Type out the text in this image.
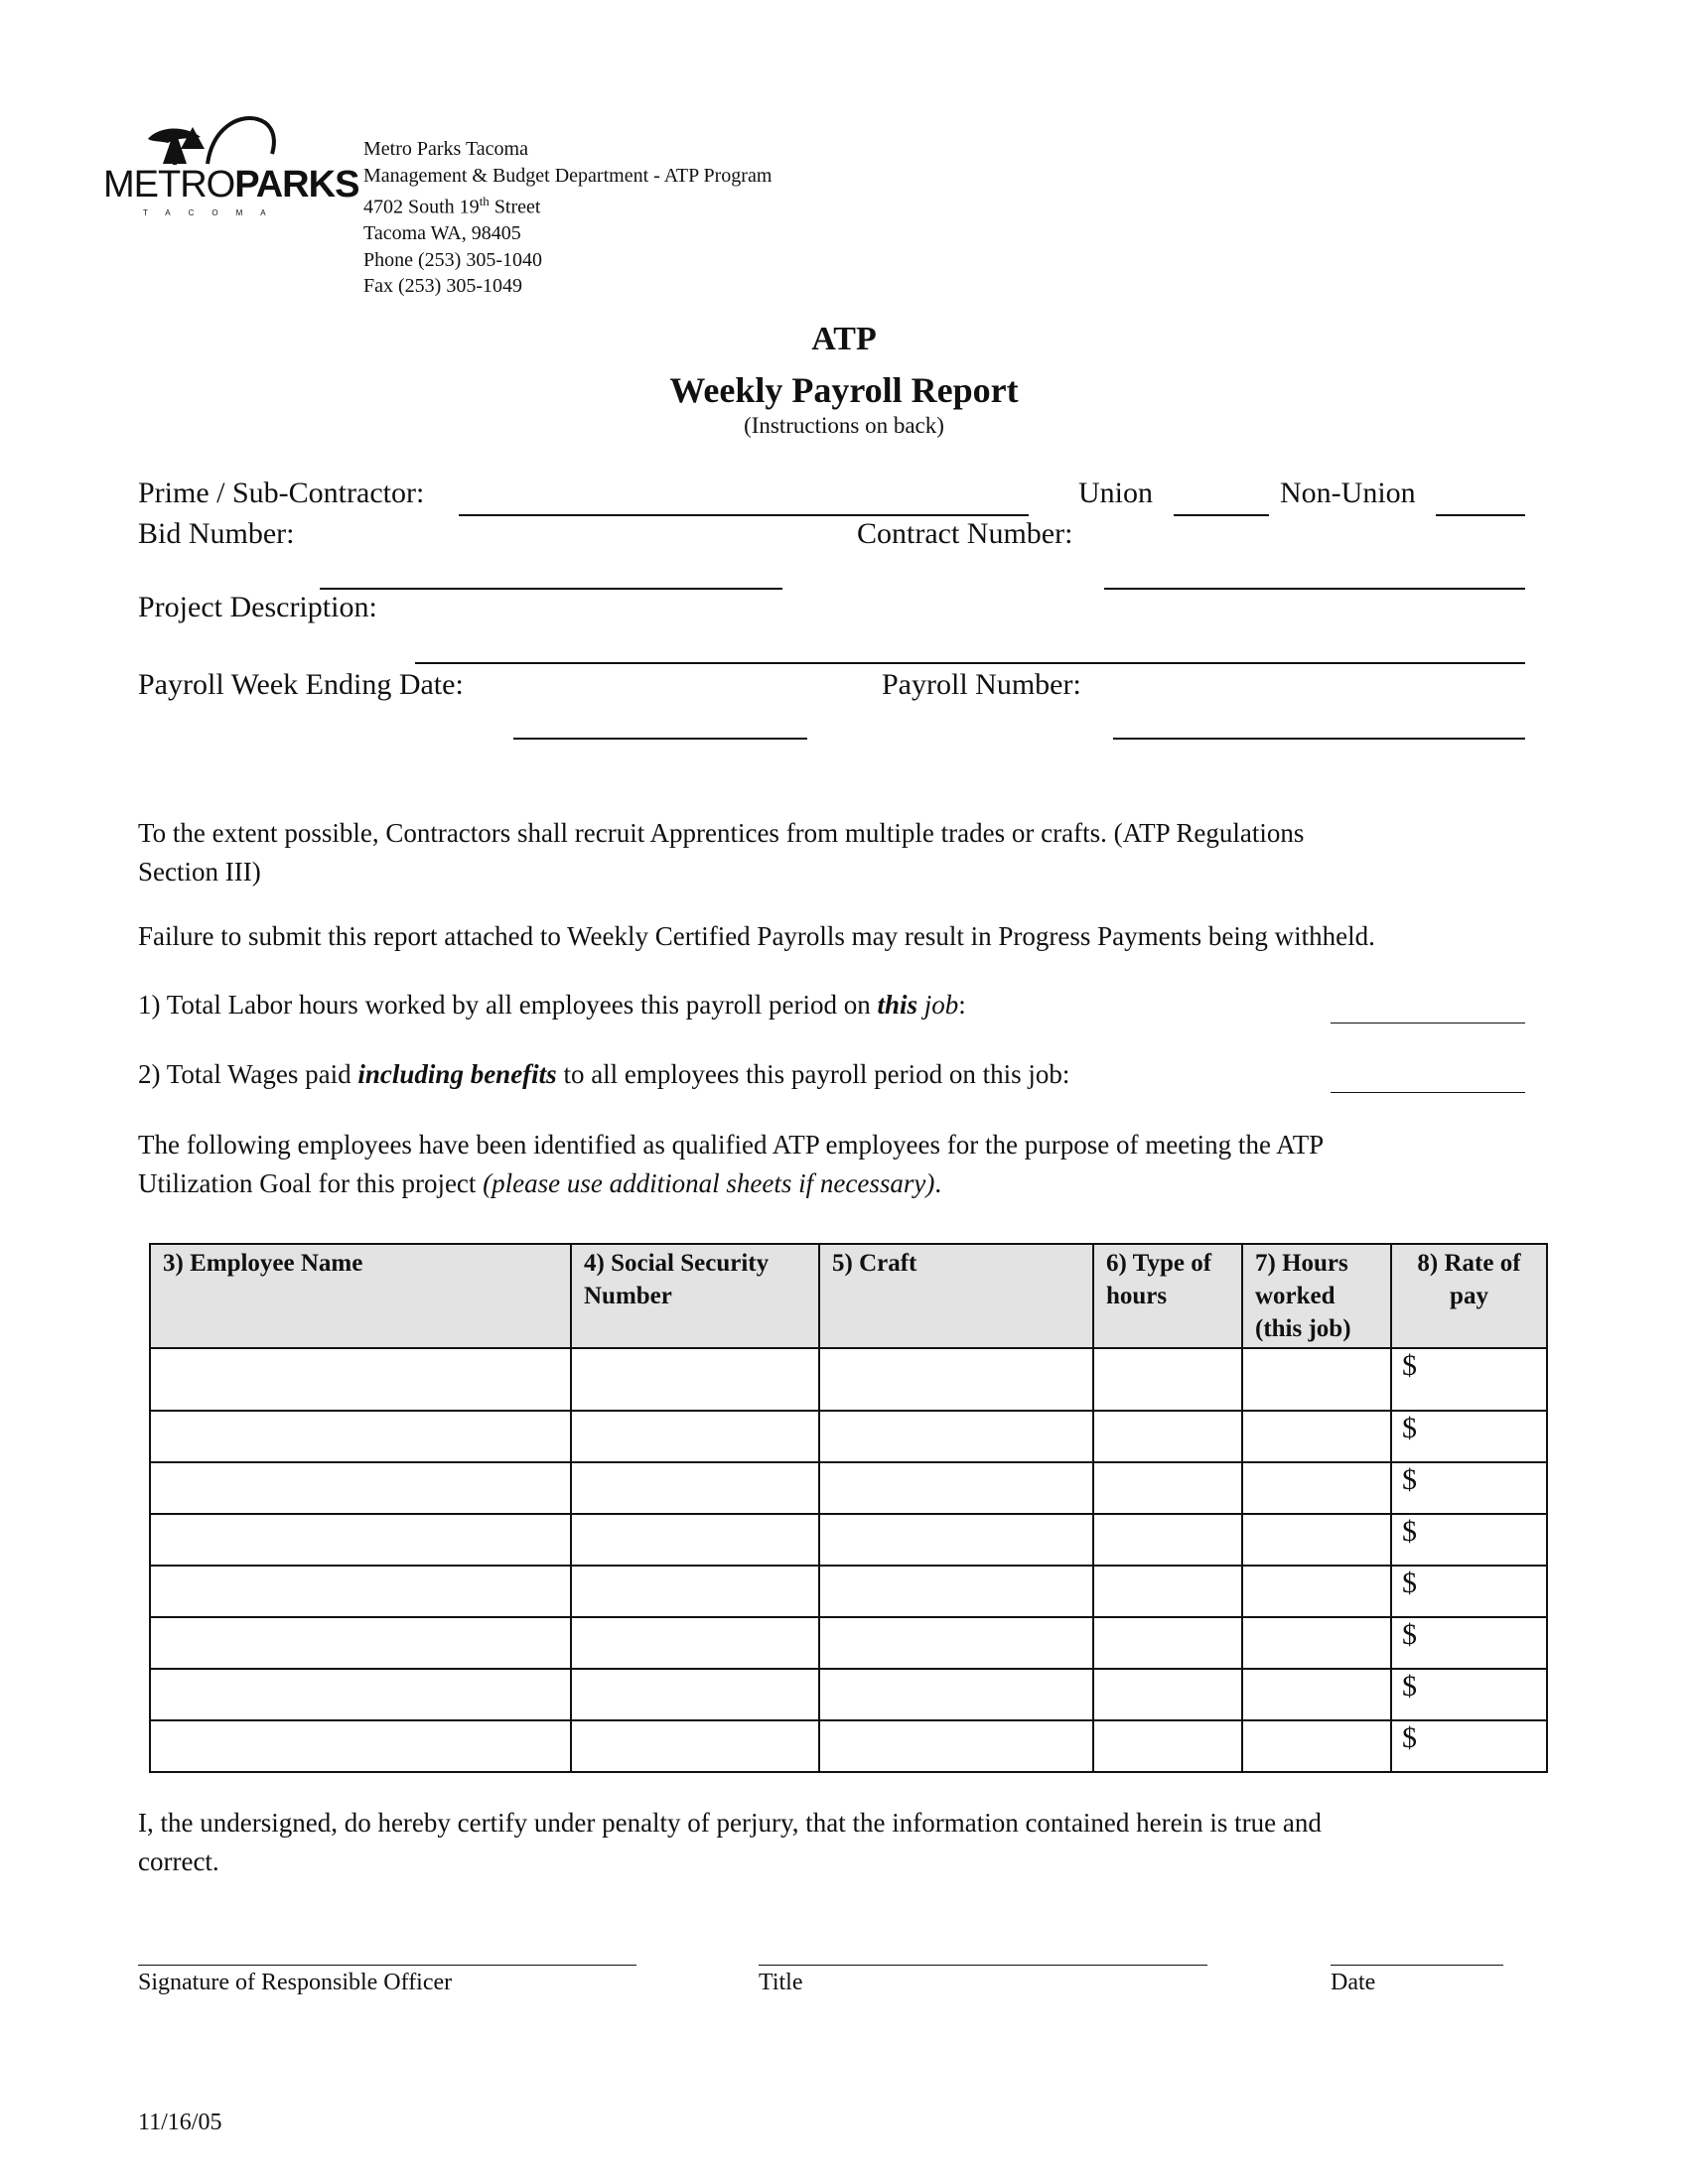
METROPARKS
TACOMA
Metro Parks Tacoma
Management & Budget Department - ATP Program
4702 South 19th Street
Tacoma WA, 98405
Phone (253) 305-1040
Fax (253) 305-1049
ATP
Weekly Payroll Report
(Instructions on back)
Prime / Sub-Contractor:	Union	Non-Union
Bid Number:	Contract Number:
Project Description:
Payroll Week Ending Date:	Payroll Number:
To the extent possible, Contractors shall recruit Apprentices from multiple trades or crafts. (ATP Regulations
Section III)
Failure to submit this report attached to Weekly Certified Payrolls may result in Progress Payments being withheld.
1) Total Labor hours worked by all employees this payroll period on this job:
2) Total Wages paid including benefits to all employees this payroll period on this job:
The following employees have been identified as qualified ATP employees for the purpose of meeting the ATP
Utilization Goal for this project (please use additional sheets if necessary).
3) Employee Name	4) Social Security Number	5) Craft	6) Type of hours	7) Hours worked (this job)	8) Rate of pay
					$
					$
					$
					$
					$
					$
					$
					$
I, the undersigned, do hereby certify under penalty of perjury, that the information contained herein is true and
correct.
Signature of Responsible Officer	Title	Date
11/16/05
